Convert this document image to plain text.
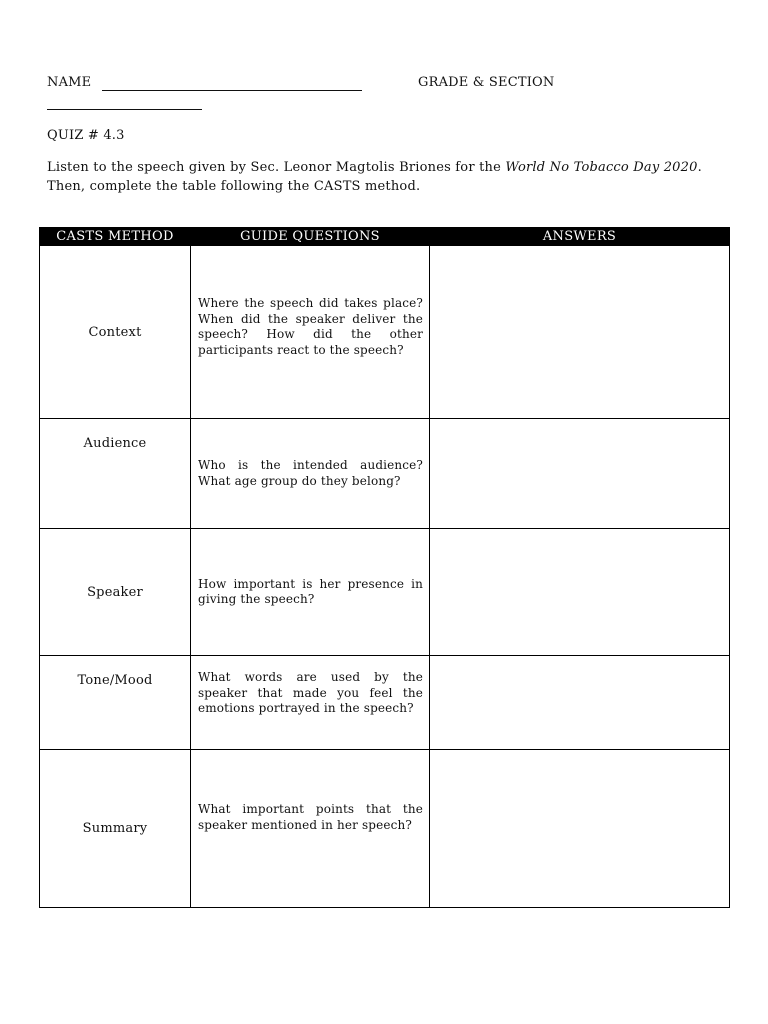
NAME	GRADE & SECTION
QUIZ # 4.3
Listen to the speech given by Sec. Leonor Magtolis Briones for the World No Tobacco Day 2020. Then, complete the table following the CASTS method.
CASTS METHOD	GUIDE QUESTIONS	ANSWERS
Context	Where the speech did takes place? When did the speaker deliver the speech? How did the other participants react to the speech?	

Audience	Who is the intended audience? What age group do they belong?	

Speaker	How important is her presence in giving the speech?	

Tone/Mood	What words are used by the speaker that made you feel the emotions portrayed in the speech?	

Summary	What important points that the speaker mentioned in her speech?	
